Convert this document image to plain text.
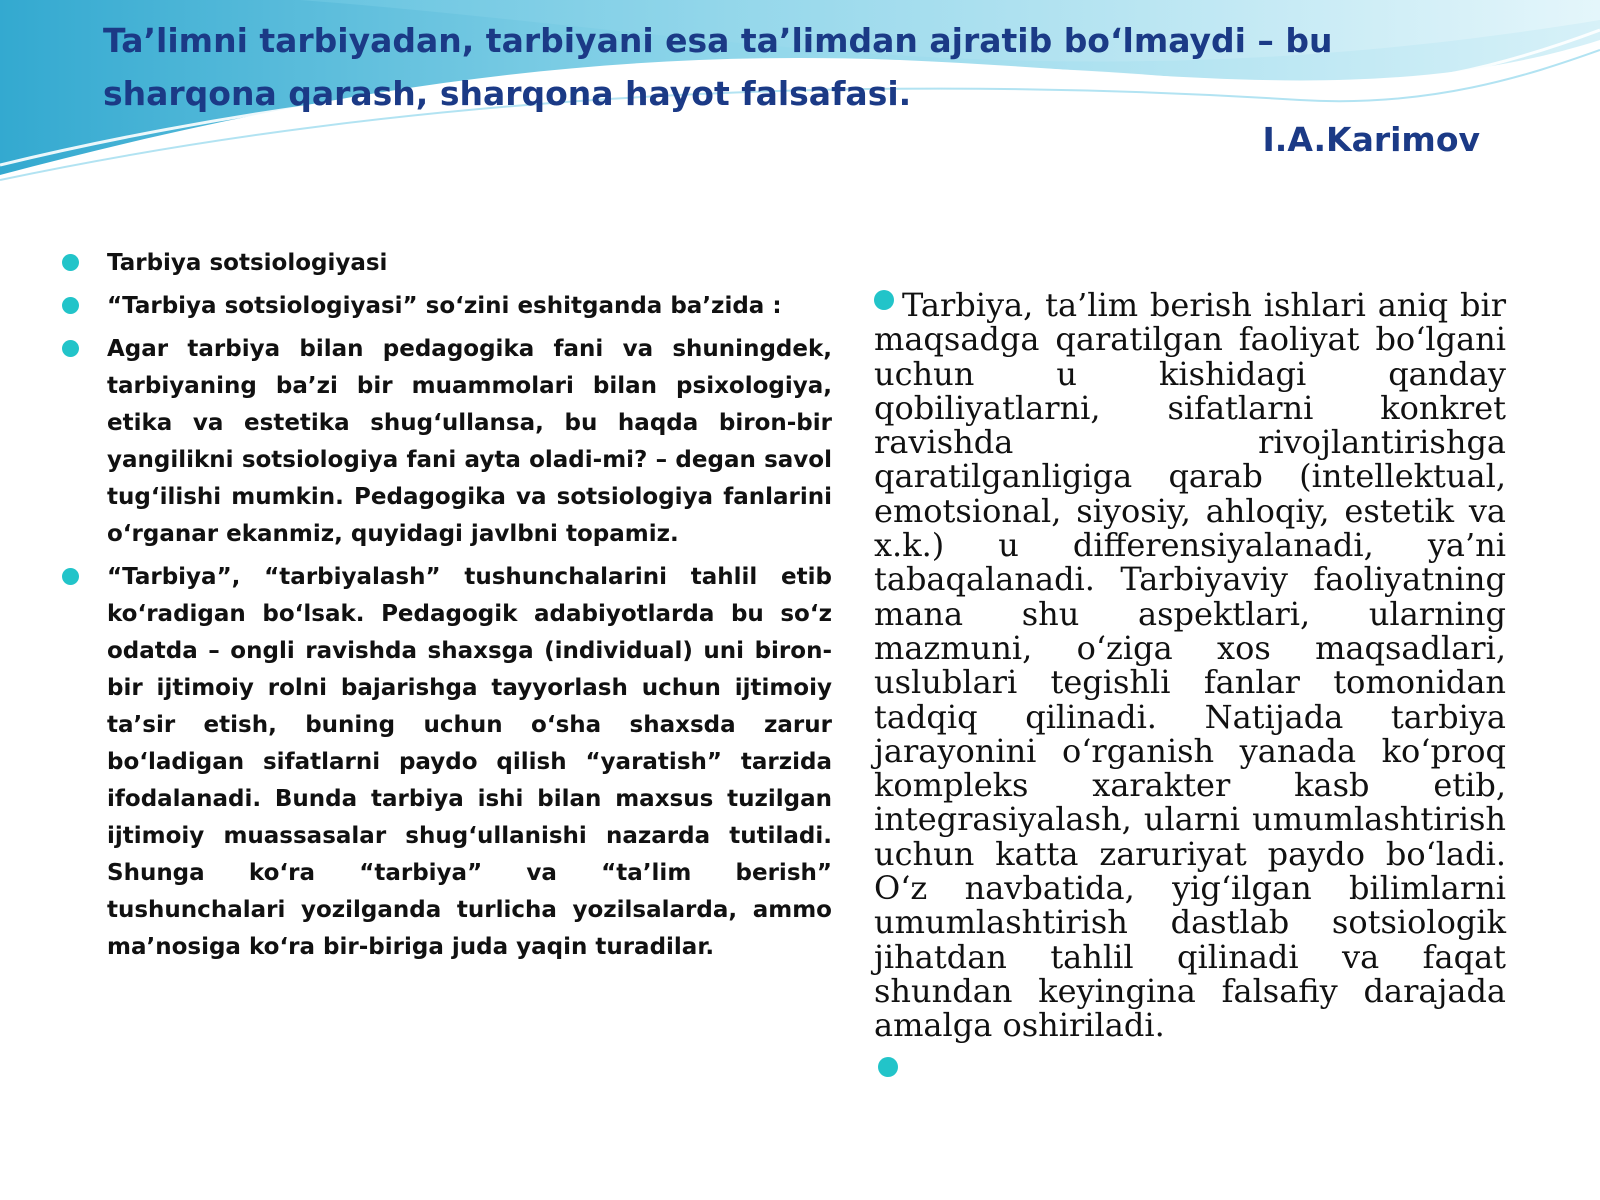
Ta’limni tarbiyadan, tarbiyani esa ta’limdan ajratib bo‘lmaydi – bu sharqona qarash, sharqona hayot falsafasi.
I.A.Karimov
Tarbiya sotsiologiyasi
“Tarbiya sotsiologiyasi” so‘zini eshitganda ba’zida :
Agar tarbiya bilan pedagogika fani va shuningdek, tarbiyaning ba’zi bir muammolari bilan psixologiya, etika va estetika shug‘ullansa, bu haqda biron-bir yangilikni sotsiologiya fani ayta oladi-mi? – degan savol tug‘ilishi mumkin. Pedagogika va sotsiologiya fanlarini o‘rganar ekanmiz, quyidagi javlbni topamiz.
“Tarbiya”, “tarbiyalash” tushunchalarini tahlil etib ko‘radigan bo‘lsak. Pedagogik adabiyotlarda bu so‘z odatda – ongli ravishda shaxsga (individual) uni biron-bir ijtimoiy rolni bajarishga tayyorlash uchun ijtimoiy ta’sir etish, buning uchun o‘sha shaxsda zarur bo‘ladigan sifatlarni paydo qilish “yaratish” tarzida ifodalanadi. Bunda tarbiya ishi bilan maxsus tuzilgan ijtimoiy muassasalar shug‘ullanishi nazarda tutiladi. Shunga ko‘ra “tarbiya” va “ta’lim berish” tushunchalari yozilganda turlicha yozilsalarda, ammo ma’nosiga ko‘ra bir-biriga juda yaqin turadilar.

Tarbiya, ta’lim berish ishlari aniq bir maqsadga qaratilgan faoliyat bo‘lgani uchun u kishidagi qanday qobiliyatlarni, sifatlarni konkret ravishda rivojlantirishga qaratilganligiga qarab (intellektual, emotsional, siyosiy, ahloqiy, estetik va x.k.) u differensiyalanadi, ya’ni tabaqalanadi. Tarbiyaviy faoliyatning mana shu aspektlari, ularning mazmuni, o‘ziga xos maqsadlari, uslublari tegishli fanlar tomonidan tadqiq qilinadi. Natijada tarbiya jarayonini o‘rganish yanada ko‘proq kompleks xarakter kasb etib, integrasiyalash, ularni umumlashtirish uchun katta zaruriyat paydo bo‘ladi. O‘z navbatida, yig‘ilgan bilimlarni umumlashtirish dastlab sotsiologik jihatdan tahlil qilinadi va faqat shundan keyingina falsafiy darajada amalga oshiriladi.
